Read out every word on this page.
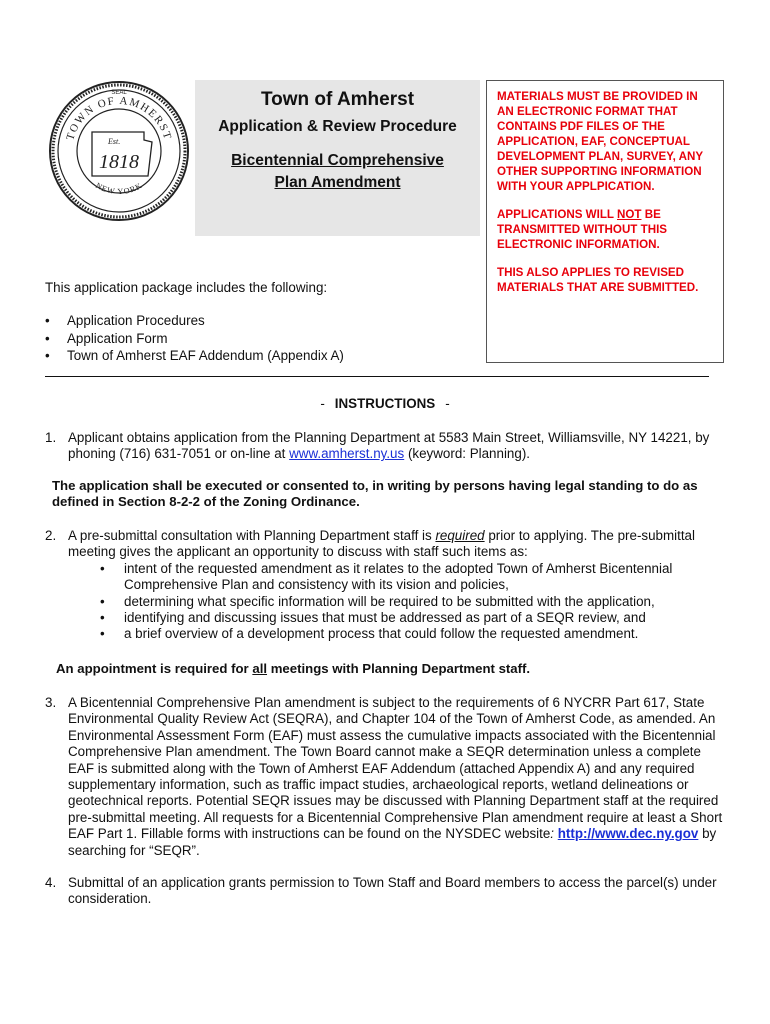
SEAL
TOWN OF AMHERST
NEW YORK
Est.
1818
Town of Amherst
Application & Review Procedure
Bicentennial Comprehensive
Plan Amendment

MATERIALS MUST BE PROVIDED IN AN ELECTRONIC FORMAT THAT CONTAINS PDF FILES OF THE APPLICATION, EAF, CONCEPTUAL DEVELOPMENT PLAN, SURVEY, ANY OTHER SUPPORTING INFORMATION WITH YOUR APPLPICATION.

APPLICATIONS WILL NOT BE TRANSMITTED WITHOUT THIS ELECTRONIC INFORMATION.

THIS ALSO APPLIES TO REVISED MATERIALS THAT ARE SUBMITTED.

This application package includes the following:
• Application Procedures
• Application Form
• Town of Amherst EAF Addendum (Appendix A)
- INSTRUCTIONS -
1. Applicant obtains application from the Planning Department at 5583 Main Street, Williamsville, NY 14221, by phoning (716) 631-7051 or on-line at www.amherst.ny.us (keyword: Planning).
The application shall be executed or consented to, in writing by persons having legal standing to do as defined in Section 8-2-2 of the Zoning Ordinance.
2. A pre-submittal consultation with Planning Department staff is required prior to applying. The pre-submittal meeting gives the applicant an opportunity to discuss with staff such items as:
• intent of the requested amendment as it relates to the adopted Town of Amherst Bicentennial Comprehensive Plan and consistency with its vision and policies,
• determining what specific information will be required to be submitted with the application,
• identifying and discussing issues that must be addressed as part of a SEQR review, and
• a brief overview of a development process that could follow the requested amendment.
An appointment is required for all meetings with Planning Department staff.
3. A Bicentennial Comprehensive Plan amendment is subject to the requirements of 6 NYCRR Part 617, State Environmental Quality Review Act (SEQRA), and Chapter 104 of the Town of Amherst Code, as amended. An Environmental Assessment Form (EAF) must assess the cumulative impacts associated with the Bicentennial Comprehensive Plan amendment. The Town Board cannot make a SEQR determination unless a complete EAF is submitted along with the Town of Amherst EAF Addendum (attached Appendix A) and any required supplementary information, such as traffic impact studies, archaeological reports, wetland delineations or geotechnical reports. Potential SEQR issues may be discussed with Planning Department staff at the required pre-submittal meeting. All requests for a Bicentennial Comprehensive Plan amendment require at least a Short EAF Part 1. Fillable forms with instructions can be found on the NYSDEC website: http://www.dec.ny.gov by searching for “SEQR”.
4. Submittal of an application grants permission to Town Staff and Board members to access the parcel(s) under consideration.
